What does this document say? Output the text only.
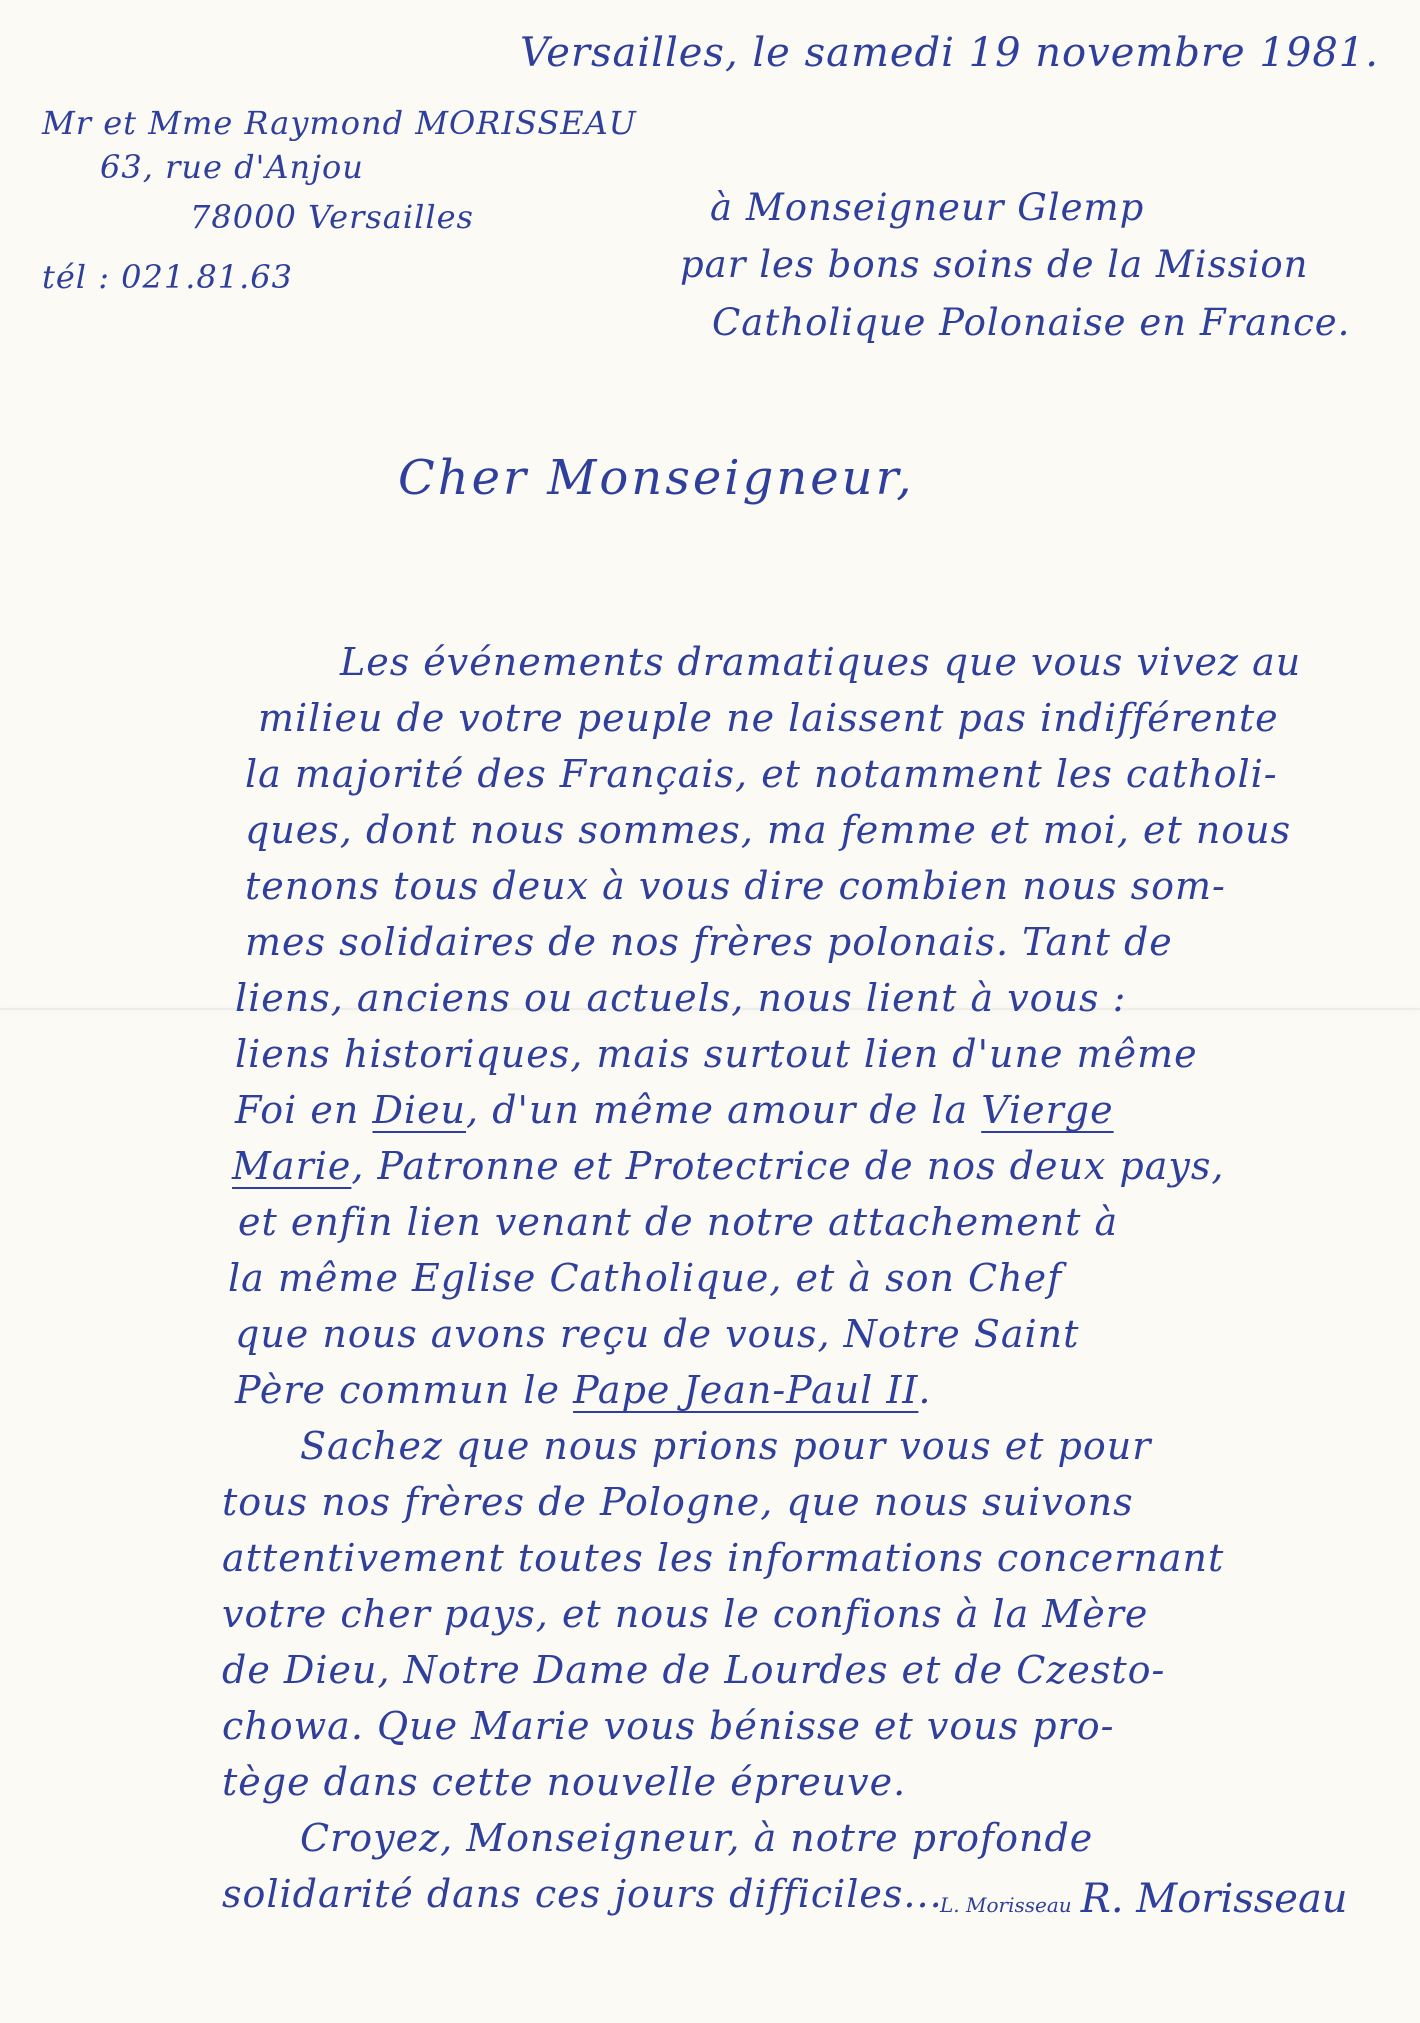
Versailles, le samedi 19 novembre 1981.

Mr et Mme Raymond MORISSEAU

63, rue d'Anjou

78000 Versailles

tél : 021.81.63

à Monseigneur Glemp

par les bons soins de la Mission

Catholique Polonaise en France.

Cher Monseigneur,

Les événements dramatiques que vous vivez au

milieu de votre peuple ne laissent pas indifférente

la majorité des Français, et notamment les catholi-

ques, dont nous sommes, ma femme et moi, et nous

tenons tous deux à vous dire combien nous som-

mes solidaires de nos frères polonais. Tant de

liens, anciens ou actuels, nous lient à vous :

liens historiques, mais surtout lien d'une même

Foi en Dieu, d'un même amour de la Vierge

Marie, Patronne et Protectrice de nos deux pays,

et enfin lien venant de notre attachement à

la même Eglise Catholique, et à son Chef

que nous avons reçu de vous, Notre Saint

Père commun le Pape Jean-Paul II.

Sachez que nous prions pour vous et pour

tous nos frères de Pologne, que nous suivons

attentivement toutes les informations concernant

votre cher pays, et nous le confions à la Mère

de Dieu, Notre Dame de Lourdes et de Czesto-

chowa. Que Marie vous bénisse et vous pro-

tège dans cette nouvelle épreuve.

Croyez, Monseigneur, à notre profonde

solidarité dans ces jours difficiles...

L. Morisseau R. Morisseau
